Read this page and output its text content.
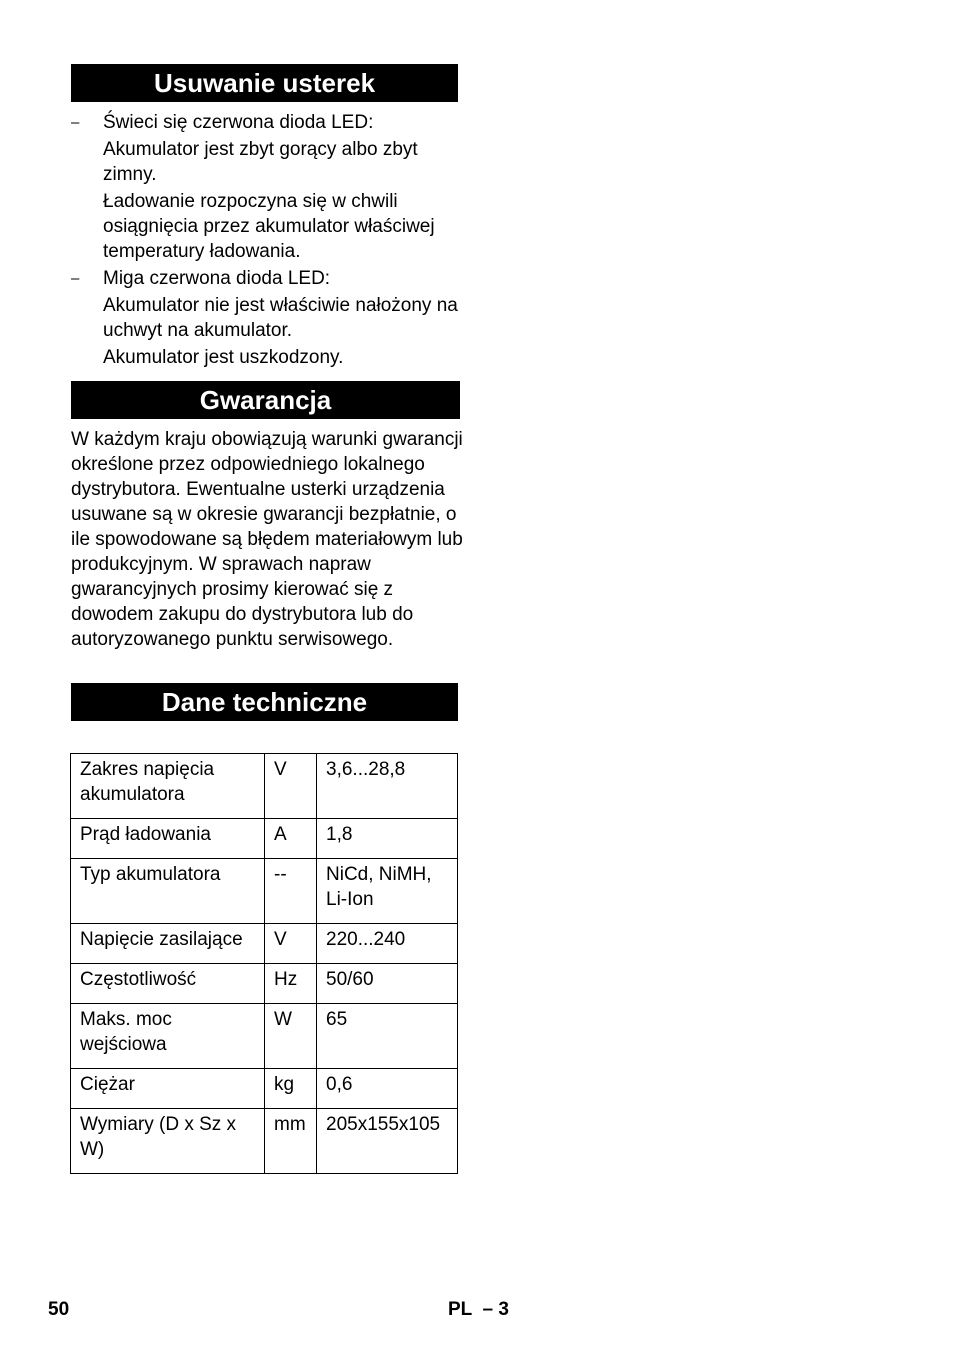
Usuwanie usterek
– Świeci się czerwona dioda LED:

Akumulator jest zbyt gorący albo zbyt zimny.

Ładowanie rozpoczyna się w chwili osiągnięcia przez akumulator właściwej temperatury ładowania.

– Miga czerwona dioda LED:

Akumulator nie jest właściwie nałożony na uchwyt na akumulator.

Akumulator jest uszkodzony.

Gwarancja

W każdym kraju obowiązują warunki gwarancji określone przez odpowiedniego lokalnego dystrybutora. Ewentualne usterki urządzenia usuwane są w okresie gwarancji bezpłatnie, o ile spowodowane są błędem materiałowym lub produkcyjnym. W sprawach napraw gwarancyjnych prosimy kierować się z dowodem zakupu do dystrybutora lub do autoryzowanego punktu serwisowego.

Dane techniczne
Zakres napięcia akumulatora	V	3,6...28,8
Prąd ładowania	A	1,8
Typ akumulatora	--	NiCd, NiMH, Li-Ion
Napięcie zasilające	V	220...240
Częstotliwość	Hz	50/60
Maks. moc wejściowa	W	65
Ciężar	kg	0,6
Wymiary (D x Sz x W)	mm	205x155x105
50	PL  – 3
